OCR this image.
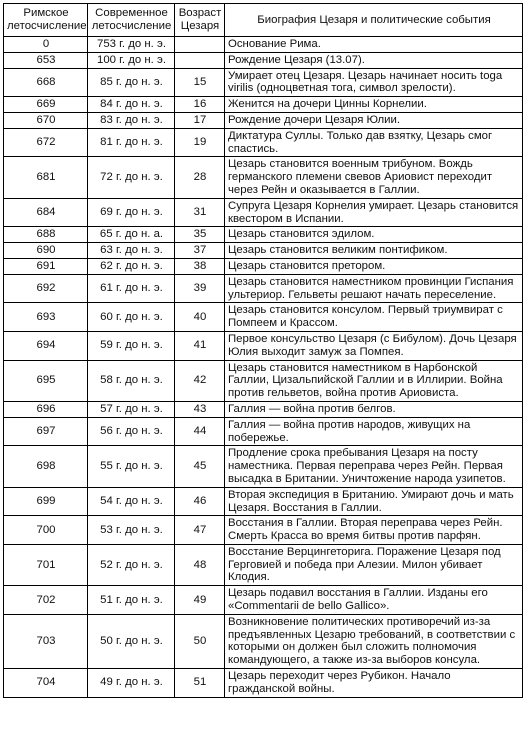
Римское летосчисление	Современное летосчисление	Возраст Цезаря	Биография Цезаря и политические события
0	753 г. до н. э.		Основание Рима.
653	100 г. до н. э.		Рождение Цезаря (13.07).
668	85 г. до н. э.	15	Умирает отец Цезаря. Цезарь начинает носить toga virilis (одноцветная тога, символ зрелости).
669	84 г. до н. э.	16	Женится на дочери Цинны Корнелии.
670	83 г. до н. э.	17	Рождение дочери Цезаря Юлии.
672	81 г. до н. э.	19	Диктатура Суллы. Только дав взятку, Цезарь смог спастись.
681	72 г. до н. э.	28	Цезарь становится военным трибуном. Вождь германского племени свевов Ариовист переходит через Рейн и оказывается в Галлии.
684	69 г. до н. э.	31	Супруга Цезаря Корнелия умирает. Цезарь становится квестором в Испании.
688	65 г. до н. а.	35	Цезарь становится эдилом.
690	63 г. до н. э.	37	Цезарь становится великим понтификом.
691	62 г. до н. э.	38	Цезарь становится претором.
692	61 г. до н. э.	39	Цезарь становится наместником провинции Гиспания ультериор. Гельветы решают начать переселение.
693	60 г. до н. э.	40	Цезарь становится консулом. Первый триумвират с Помпеем и Крассом.
694	59 г. до н. э.	41	Первое консульство Цезаря (с Бибулом). Дочь Цезаря Юлия выходит замуж за Помпея.
695	58 г. до н. э.	42	Цезарь становится наместником в Нарбонской Галлии, Цизальпийской Галлии и в Иллирии. Война против гельветов, война против Ариовиста.
696	57 г. до н. э.	43	Галлия — война против белгов.
697	56 г. до н. э.	44	Галлия — война против народов, живущих на побережье.
698	55 г. до н. э.	45	Продление срока пребывания Цезаря на посту наместника. Первая переправа через Рейн. Первая высадка в Британии. Уничтожение народа узипетов.
699	54 г. до н. э.	46	Вторая экспедиция в Британию. Умирают дочь и мать Цезаря. Восстания в Галлии.
700	53 г. до н. э.	47	Восстания в Галлии. Вторая переправа через Рейн. Смерть Красса во время битвы против парфян.
701	52 г. до н. э.	48	Восстание Верцингеторига. Поражение Цезаря под Герговией и победа при Алезии. Милон убивает Клодия.
702	51 г. до н. э.	49	Цезарь подавил восстания в Галлии. Изданы его «Commentarii de bello Gallico».
703	50 г. до н. э.	50	Возникновение политических противоречий из-за предъявленных Цезарю требований, в соответствии с которыми он должен был сложить полномочия командующего, а также из-за выборов консула.
704	49 г. до н. э.	51	Цезарь переходит через Рубикон. Начало гражданской войны.
